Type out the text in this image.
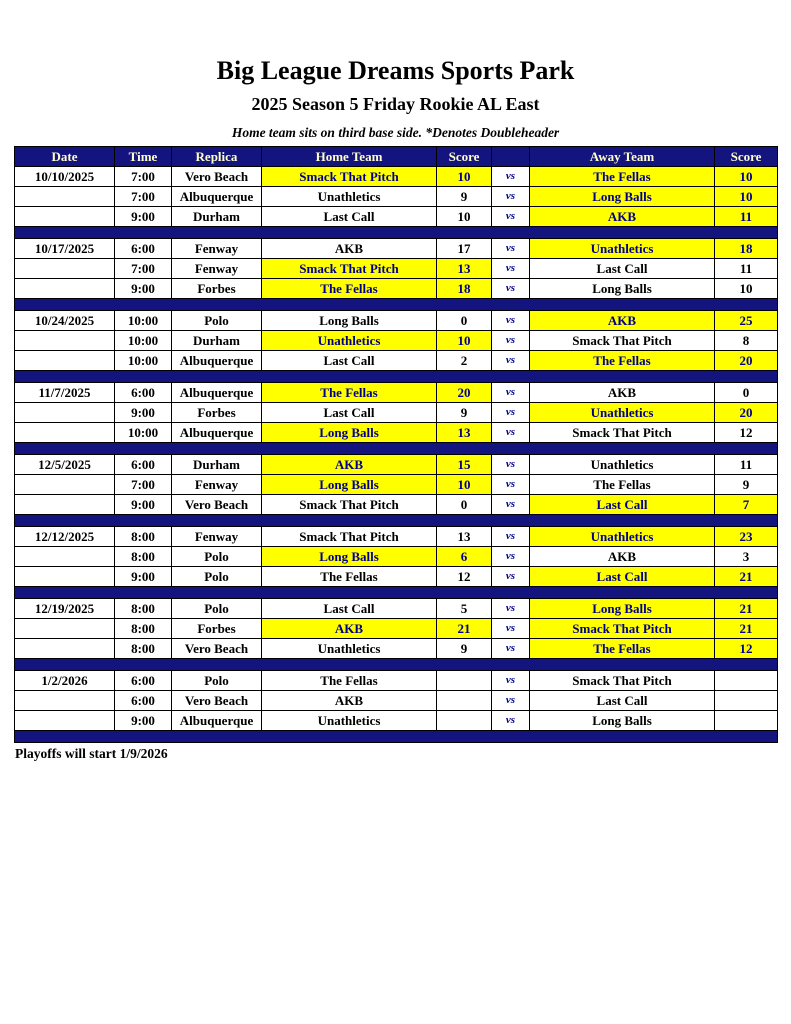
Big League Dreams Sports Park
2025 Season 5 Friday Rookie AL East
Home team sits on third base side. *Denotes Doubleheader
Date	Time	Replica	Home Team	Score		Away Team	Score
10/10/2025	7:00	Vero Beach	Smack That Pitch	10	vs	The Fellas	10
	7:00	Albuquerque	Unathletics	9	vs	Long Balls	10
	9:00	Durham	Last Call	10	vs	AKB	11

10/17/2025	6:00	Fenway	AKB	17	vs	Unathletics	18
	7:00	Fenway	Smack That Pitch	13	vs	Last Call	11
	9:00	Forbes	The Fellas	18	vs	Long Balls	10

10/24/2025	10:00	Polo	Long Balls	0	vs	AKB	25
	10:00	Durham	Unathletics	10	vs	Smack That Pitch	8
	10:00	Albuquerque	Last Call	2	vs	The Fellas	20

11/7/2025	6:00	Albuquerque	The Fellas	20	vs	AKB	0
	9:00	Forbes	Last Call	9	vs	Unathletics	20
	10:00	Albuquerque	Long Balls	13	vs	Smack That Pitch	12

12/5/2025	6:00	Durham	AKB	15	vs	Unathletics	11
	7:00	Fenway	Long Balls	10	vs	The Fellas	9
	9:00	Vero Beach	Smack That Pitch	0	vs	Last Call	7

12/12/2025	8:00	Fenway	Smack That Pitch	13	vs	Unathletics	23
	8:00	Polo	Long Balls	6	vs	AKB	3
	9:00	Polo	The Fellas	12	vs	Last Call	21

12/19/2025	8:00	Polo	Last Call	5	vs	Long Balls	21
	8:00	Forbes	AKB	21	vs	Smack That Pitch	21
	8:00	Vero Beach	Unathletics	9	vs	The Fellas	12

1/2/2026	6:00	Polo	The Fellas		vs	Smack That Pitch	
	6:00	Vero Beach	AKB		vs	Last Call	
	9:00	Albuquerque	Unathletics		vs	Long Balls	

Playoffs will start 1/9/2026
